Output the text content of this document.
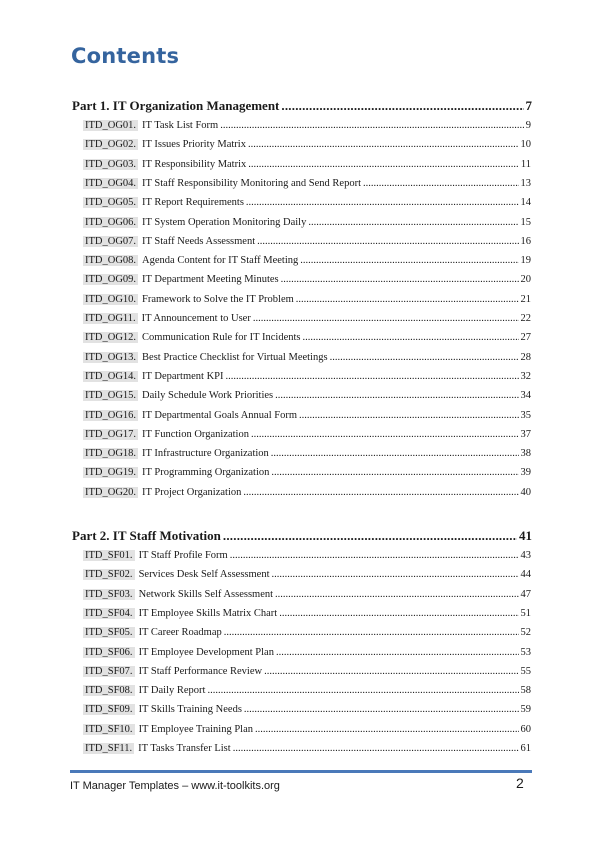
Contents
Part 1. IT Organization Management .....	7
ITD_OG01. IT Task List Form .....	9
ITD_OG02. IT Issues Priority Matrix .....	10
ITD_OG03. IT Responsibility Matrix .....	11
ITD_OG04. IT Staff Responsibility Monitoring and Send Report .....	13
ITD_OG05. IT Report Requirements .....	14
ITD_OG06. IT System Operation Monitoring Daily .....	15
ITD_OG07. IT Staff Needs Assessment .....	16
ITD_OG08. Agenda Content for IT Staff Meeting .....	19
ITD_OG09. IT Department Meeting Minutes .....	20
ITD_OG10. Framework to Solve the IT Problem .....	21
ITD_OG11. IT Announcement to User .....	22
ITD_OG12. Communication Rule for IT Incidents .....	27
ITD_OG13. Best Practice Checklist for Virtual Meetings .....	28
ITD_OG14. IT Department KPI .....	32
ITD_OG15. Daily Schedule Work Priorities .....	34
ITD_OG16. IT Departmental Goals Annual Form .....	35
ITD_OG17. IT Function Organization .....	37
ITD_OG18. IT Infrastructure Organization .....	38
ITD_OG19. IT Programming Organization .....	39
ITD_OG20. IT Project Organization .....	40
Part 2. IT Staff Motivation .....	41
ITD_SF01. IT Staff Profile Form .....	43
ITD_SF02. Services Desk Self Assessment .....	44
ITD_SF03. Network Skills Self Assessment .....	47
ITD_SF04. IT Employee Skills Matrix Chart .....	51
ITD_SF05. IT Career Roadmap .....	52
ITD_SF06. IT Employee Development Plan .....	53
ITD_SF07. IT Staff Performance Review .....	55
ITD_SF08. IT Daily Report .....	58
ITD_SF09. IT Skills Training Needs .....	59
ITD_SF10. IT Employee Training Plan .....	60
ITD_SF11. IT Tasks Transfer List .....	61
IT Manager Templates – www.it-toolkits.org	2
